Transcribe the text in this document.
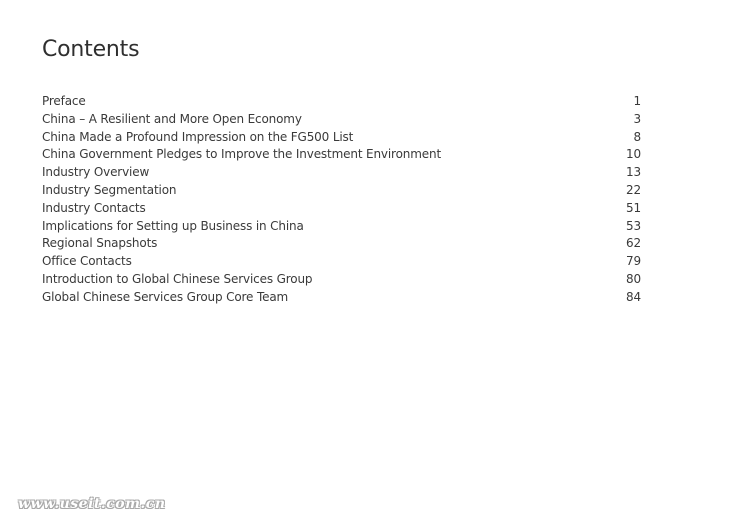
Contents
Preface	1
China – A Resilient and More Open Economy	3
China Made a Profound Impression on the FG500 List	8
China Government Pledges to Improve the Investment Environment	10
Industry Overview	13
Industry Segmentation	22
Industry Contacts	51
Implications for Setting up Business in China	53
Regional Snapshots	62
Office Contacts	79
Introduction to Global Chinese Services Group	80
Global Chinese Services Group Core Team	84
www.useit.com.cn
